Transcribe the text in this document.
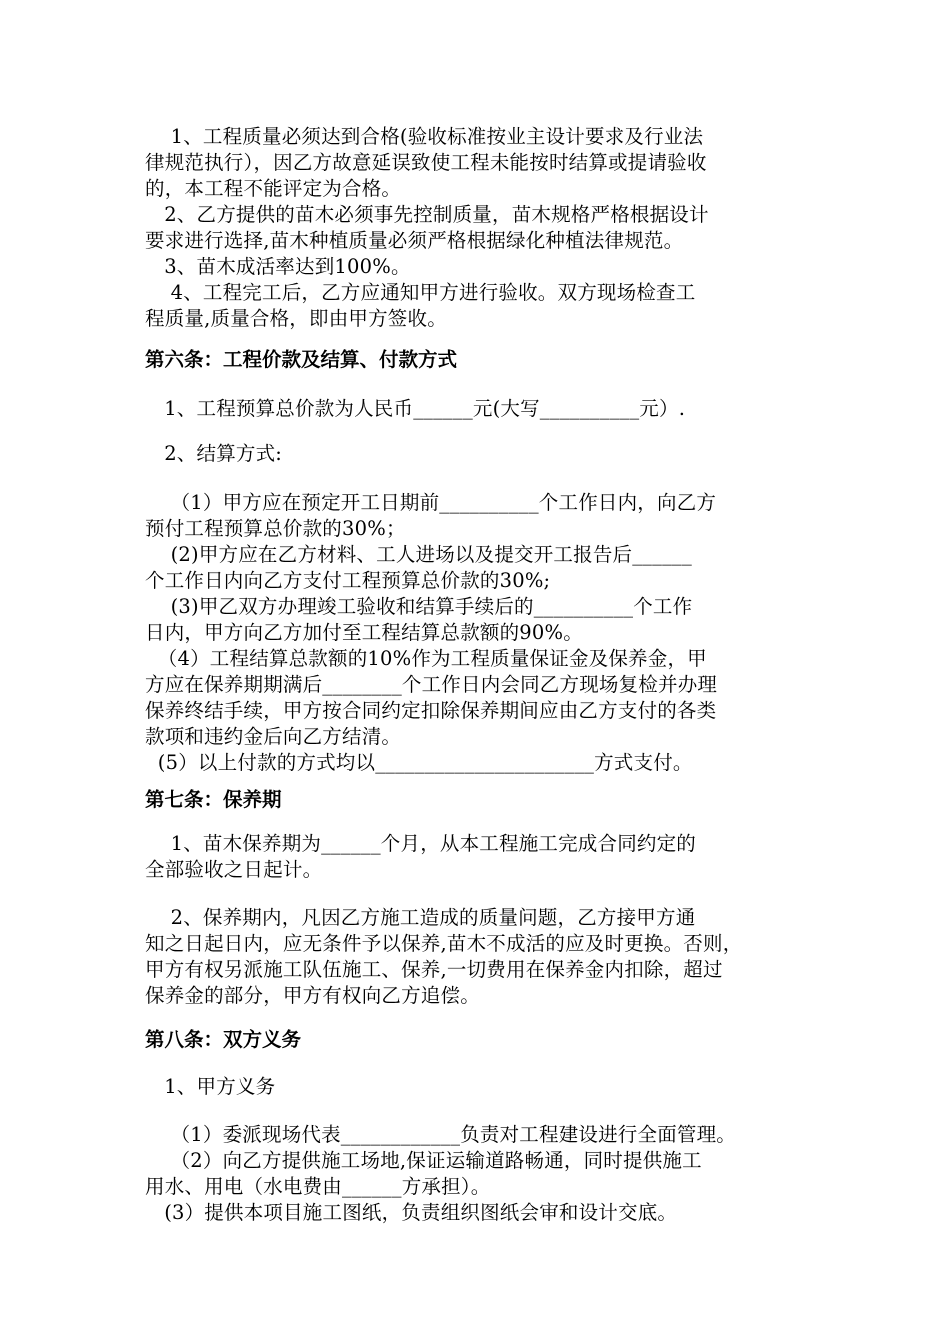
1、工程质量必须达到合格(验收标准按业主设计要求及行业法
律规范执行），因乙方故意延误致使工程未能按时结算或提请验收
的，本工程不能评定为合格。
2、乙方提供的苗木必须事先控制质量，苗木规格严格根据设计
要求进行选择,苗木种植质量必须严格根据绿化种植法律规范。
3、苗木成活率达到100%。
4、工程完工后，乙方应通知甲方进行验收。双方现场检查工
程质量,质量合格，即由甲方签收。
第六条：工程价款及结算、付款方式
1、工程预算总价款为人民币______元(大写__________元）.
2、结算方式:
（1）甲方应在预定开工日期前__________个工作日内，向乙方
预付工程预算总价款的30%；
(2)甲方应在乙方材料、工人进场以及提交开工报告后______
个工作日内向乙方支付工程预算总价款的30%;
(3)甲乙双方办理竣工验收和结算手续后的__________个工作
日内，甲方向乙方加付至工程结算总款额的90%。
（4）工程结算总款额的10%作为工程质量保证金及保养金，甲
方应在保养期期满后________个工作日内会同乙方现场复检并办理
保养终结手续，甲方按合同约定扣除保养期间应由乙方支付的各类
款项和违约金后向乙方结清。
(5）以上付款的方式均以______________________方式支付。
第七条：保养期
1、苗木保养期为______个月，从本工程施工完成合同约定的
全部验收之日起计。
2、保养期内，凡因乙方施工造成的质量问题，乙方接甲方通
知之日起日内，应无条件予以保养,苗木不成活的应及时更换。否则，
甲方有权另派施工队伍施工、保养,一切费用在保养金内扣除，超过
保养金的部分，甲方有权向乙方追偿。
第八条：双方义务
1、甲方义务
（1）委派现场代表____________负责对工程建设进行全面管理。
（2）向乙方提供施工场地,保证运输道路畅通，同时提供施工
用水、用电（水电费由______方承担）。
(3）提供本项目施工图纸，负责组织图纸会审和设计交底。
